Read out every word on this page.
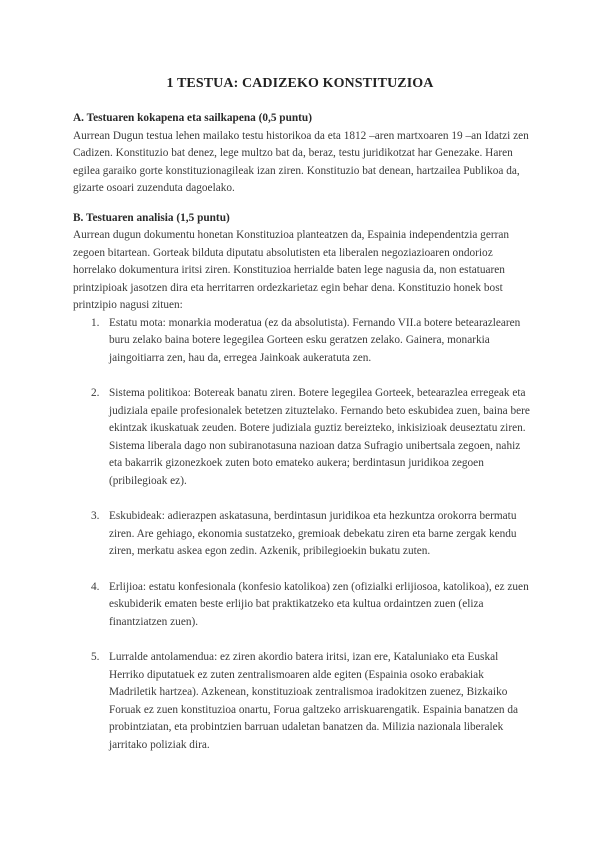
1 TESTUA: CADIZEKO KONSTITUZIOA
A. Testuaren kokapena eta sailkapena (0,5 puntu)

Aurrean Dugun testua lehen mailako testu historikoa da eta 1812 –aren martxoaren 19 –an Idatzi zen Cadizen. Konstituzio bat denez, lege multzo bat da, beraz, testu juridikotzat har Genezake. Haren egilea garaiko gorte konstituzionagileak izan ziren. Konstituzio bat denean, hartzailea Publikoa da, gizarte osoari zuzenduta dagoelako.

B. Testuaren analisia (1,5 puntu)

Aurrean dugun dokumentu honetan Konstituzioa planteatzen da, Espainia independentzia gerran zegoen bitartean. Gorteak bilduta diputatu absolutisten eta liberalen negoziazioaren ondorioz horrelako dokumentura iritsi ziren. Konstituzioa herrialde baten lege nagusia da, non estatuaren printzipioak jasotzen dira eta herritarren ordezkarietaz egin behar dena. Konstituzio honek bost printzipio nagusi zituen:

1. Estatu mota: monarkia moderatua (ez da absolutista). Fernando VII.a botere betearazlearen buru zelako baina botere legegilea Gorteen esku geratzen zelako. Gainera, monarkia jaingoitiarra zen, hau da, erregea Jainkoak aukeratuta zen.
2. Sistema politikoa: Botereak banatu ziren. Botere legegilea Gorteek, betearazlea erregeak eta judiziala epaile profesionalek betetzen zituztelako. Fernando beto eskubidea zuen, baina bere ekintzak ikuskatuak zeuden. Botere judiziala guztiz bereizteko, inkisizioak deuseztatu ziren. Sistema liberala dago non subiranotasuna nazioan datza Sufragio unibertsala zegoen, nahiz eta bakarrik gizonezkoek zuten boto emateko aukera; berdintasun juridikoa zegoen (pribilegioak ez).
3. Eskubideak: adierazpen askatasuna, berdintasun juridikoa eta hezkuntza orokorra bermatu ziren. Are gehiago, ekonomia sustatzeko, gremioak debekatu ziren eta barne zergak kendu ziren, merkatu askea egon zedin. Azkenik, pribilegioekin bukatu zuten.
4. Erlijioa: estatu konfesionala (konfesio katolikoa) zen (ofizialki erlijiosoa, katolikoa), ez zuen eskubiderik ematen beste erlijio bat praktikatzeko eta kultua ordaintzen zuen (eliza finantziatzen zuen).
5. Lurralde antolamendua: ez ziren akordio batera iritsi, izan ere, Kataluniako eta Euskal Herriko diputatuek ez zuten zentralismoaren alde egiten (Espainia osoko erabakiak Madriletik hartzea). Azkenean, konstituzioak zentralismoa iradokitzen zuenez, Bizkaiko Foruak ez zuen konstituzioa onartu, Forua galtzeko arriskuarengatik. Espainia banatzen da probintziatan, eta probintzien barruan udaletan banatzen da. Milizia nazionala liberalek jarritako poliziak dira.
